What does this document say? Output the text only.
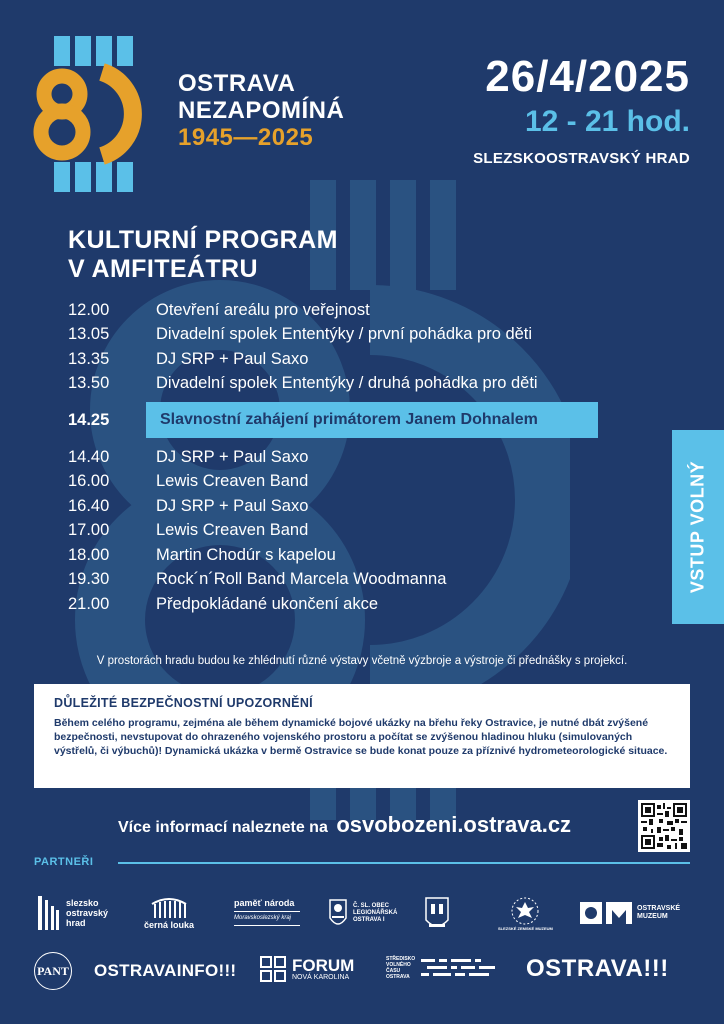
OSTRAVA
NEZAPOMÍNÁ
1945—2025
26/4/2025
12 - 21 hod.
SLEZSKOOSTRAVSKÝ HRAD
KULTURNÍ PROGRAM
V AMFITEÁTRU
12.00	Otevření areálu pro veřejnost
13.05	Divadelní spolek Ententýky / první pohádka pro děti
13.35	DJ SRP + Paul Saxo
13.50	Divadelní spolek Ententýky / druhá pohádka pro děti
14.25	Slavnostní zahájení primátorem Janem Dohnalem
14.40	DJ SRP + Paul Saxo
16.00	Lewis Creaven Band
16.40	DJ SRP + Paul Saxo
17.00	Lewis Creaven Band
18.00	Martin Chodúr s kapelou
19.30	Rock´n´Roll Band Marcela Woodmanna
21.00	Předpokládané ukončení akce
VSTUP VOLNÝ
V prostorách hradu budou ke zhlédnutí různé výstavy včetně výzbroje a výstroje či přednášky s projekcí.
DŮLEŽITÉ BEZPEČNOSTNÍ UPOZORNĚNÍ
Během celého programu, zejména ale během dynamické bojové ukázky na břehu řeky Ostravice, je nutné dbát zvýšené bezpečnosti, nevstupovat do ohrazeného vojenského prostoru a počítat se zvýšenou hladinou hluku (simulovaných výstřelů, či výbuchů)! Dynamická ukázka v bermě Ostravice se bude konat pouze za příznivé hydrometeorologické situace.
Více informací naleznete na osvobozeni.ostrava.cz
PARTNEŘI
slezsko
ostravský
hrad	černá louka
paměť národa
Moravskoslezský kraj
Č. SL. OBEC
LEGIONÁŘSKÁ
OSTRAVA I
SLEZSKÉ ZEMSKÉ MUZEUM
OSTRAVSKÉ
MUZEUM
PANT OSTRAVAINFO!!!	FORUM
NOVÁ KAROLINA
STŘEDISKO
VOLNÉHO
ČASU
OSTRAVA	OSTRAVA!!!
